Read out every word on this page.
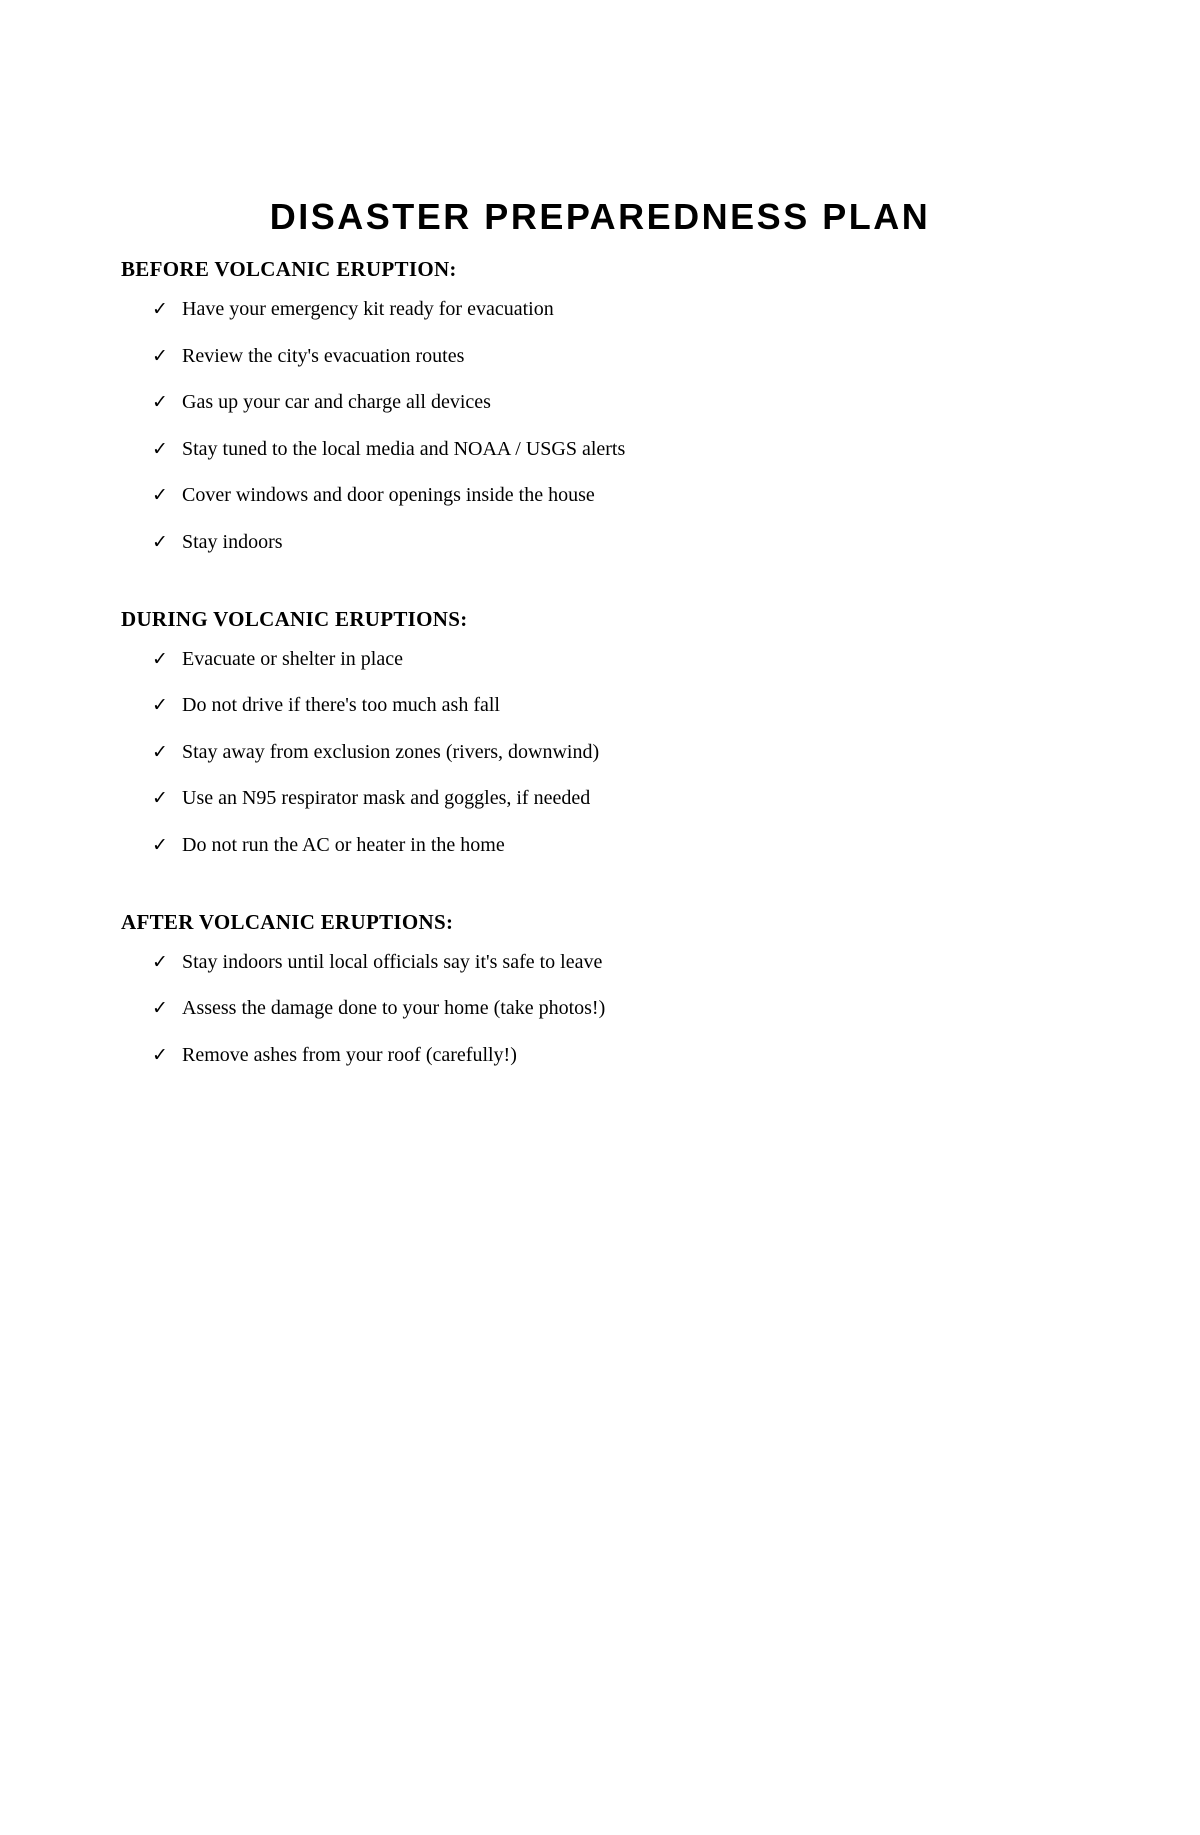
DISASTER PREPAREDNESS PLAN
BEFORE VOLCANIC ERUPTION:
✓ Have your emergency kit ready for evacuation
✓ Review the city's evacuation routes
✓ Gas up your car and charge all devices
✓ Stay tuned to the local media and NOAA / USGS alerts
✓ Cover windows and door openings inside the house
✓ Stay indoors
DURING VOLCANIC ERUPTIONS:
✓ Evacuate or shelter in place
✓ Do not drive if there's too much ash fall
✓ Stay away from exclusion zones (rivers, downwind)
✓ Use an N95 respirator mask and goggles, if needed
✓ Do not run the AC or heater in the home
AFTER VOLCANIC ERUPTIONS:
✓ Stay indoors until local officials say it's safe to leave
✓ Assess the damage done to your home (take photos!)
✓ Remove ashes from your roof (carefully!)
